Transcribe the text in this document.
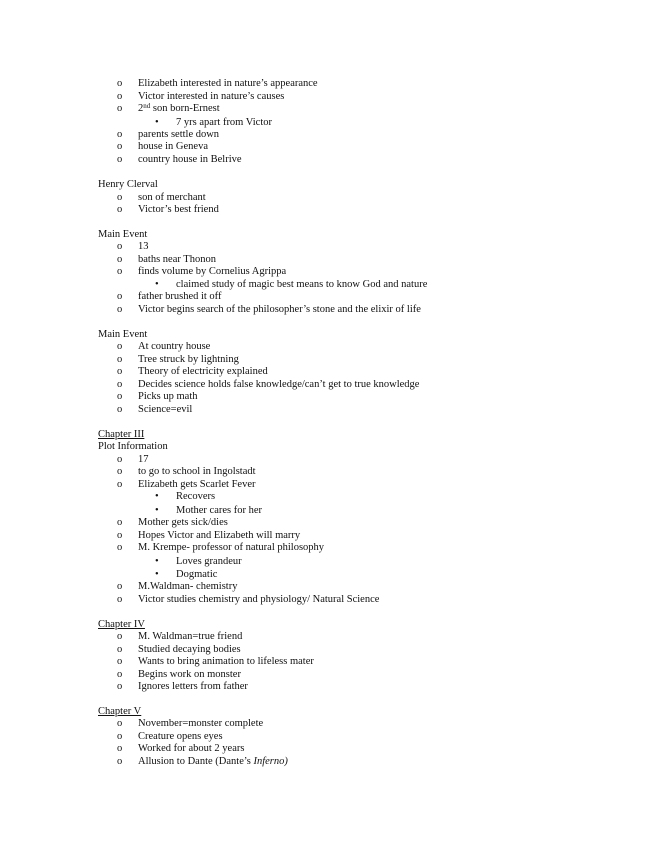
o Elizabeth interested in nature’s appearance
o Victor interested in nature’s causes
o 2nd son born-Ernest
• 7 yrs apart from Victor
o parents settle down
o house in Geneva
o country house in Belrive
Henry Clerval
o son of merchant
o Victor’s best friend
Main Event
o 13
o baths near Thonon
o finds volume by Cornelius Agrippa
• claimed study of magic best means to know God and nature
o father brushed it off
o Victor begins search of the philosopher’s stone and the elixir of life
Main Event
o At country house
o Tree struck by lightning
o Theory of electricity explained
o Decides science holds false knowledge/can’t get to true knowledge
o Picks up math
o Science=evil
Chapter III
Plot Information
o 17
o to go to school in Ingolstadt
o Elizabeth gets Scarlet Fever
• Recovers
• Mother cares for her
o Mother gets sick/dies
o Hopes Victor and Elizabeth will marry
o M. Krempe- professor of natural philosophy
• Loves grandeur
• Dogmatic
o M.Waldman- chemistry
o Victor studies chemistry and physiology/ Natural Science
Chapter IV
o M. Waldman=true friend
o Studied decaying bodies
o Wants to bring animation to lifeless mater
o Begins work on monster
o Ignores letters from father
Chapter V
o November=monster complete
o Creature opens eyes
o Worked for about 2 years
o Allusion to Dante (Dante’s Inferno)
